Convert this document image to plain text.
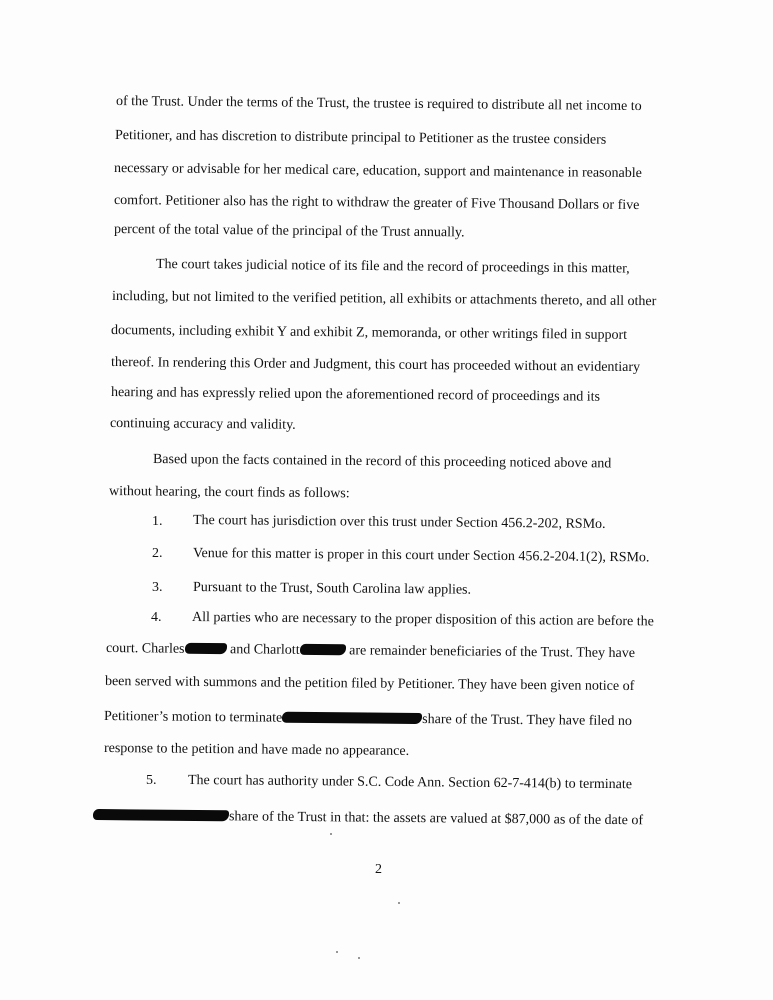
of the Trust. Under the terms of the Trust, the trustee is required to distribute all net income to
Petitioner, and has discretion to distribute principal to Petitioner as the trustee considers
necessary or advisable for her medical care, education, support and maintenance in reasonable
comfort. Petitioner also has the right to withdraw the greater of Five Thousand Dollars or five
percent of the total value of the principal of the Trust annually.
The court takes judicial notice of its file and the record of proceedings in this matter,
including, but not limited to the verified petition, all exhibits or attachments thereto, and all other
documents, including exhibit Y and exhibit Z, memoranda, or other writings filed in support
thereof. In rendering this Order and Judgment, this court has proceeded without an evidentiary
hearing and has expressly relied upon the aforementioned record of proceedings and its
continuing accuracy and validity.
Based upon the facts contained in the record of this proceeding noticed above and
without hearing, the court finds as follows:
1. The court has jurisdiction over this trust under Section 456.2-202, RSMo.
2. Venue for this matter is proper in this court under Section 456.2-204.1(2), RSMo.
3. Pursuant to the Trust, South Carolina law applies.
4. All parties who are necessary to the proper disposition of this action are before the
court. Charles	and Charlott	are remainder beneficiaries of the Trust. They have
been served with summons and the petition filed by Petitioner. They have been given notice of
Petitioner’s motion to terminate	share of the Trust. They have filed no
response to the petition and have made no appearance.
5. The court has authority under S.C. Code Ann. Section 62-7-414(b) to terminate
share of the Trust in that: the assets are valued at $87,000 as of the date of
2
